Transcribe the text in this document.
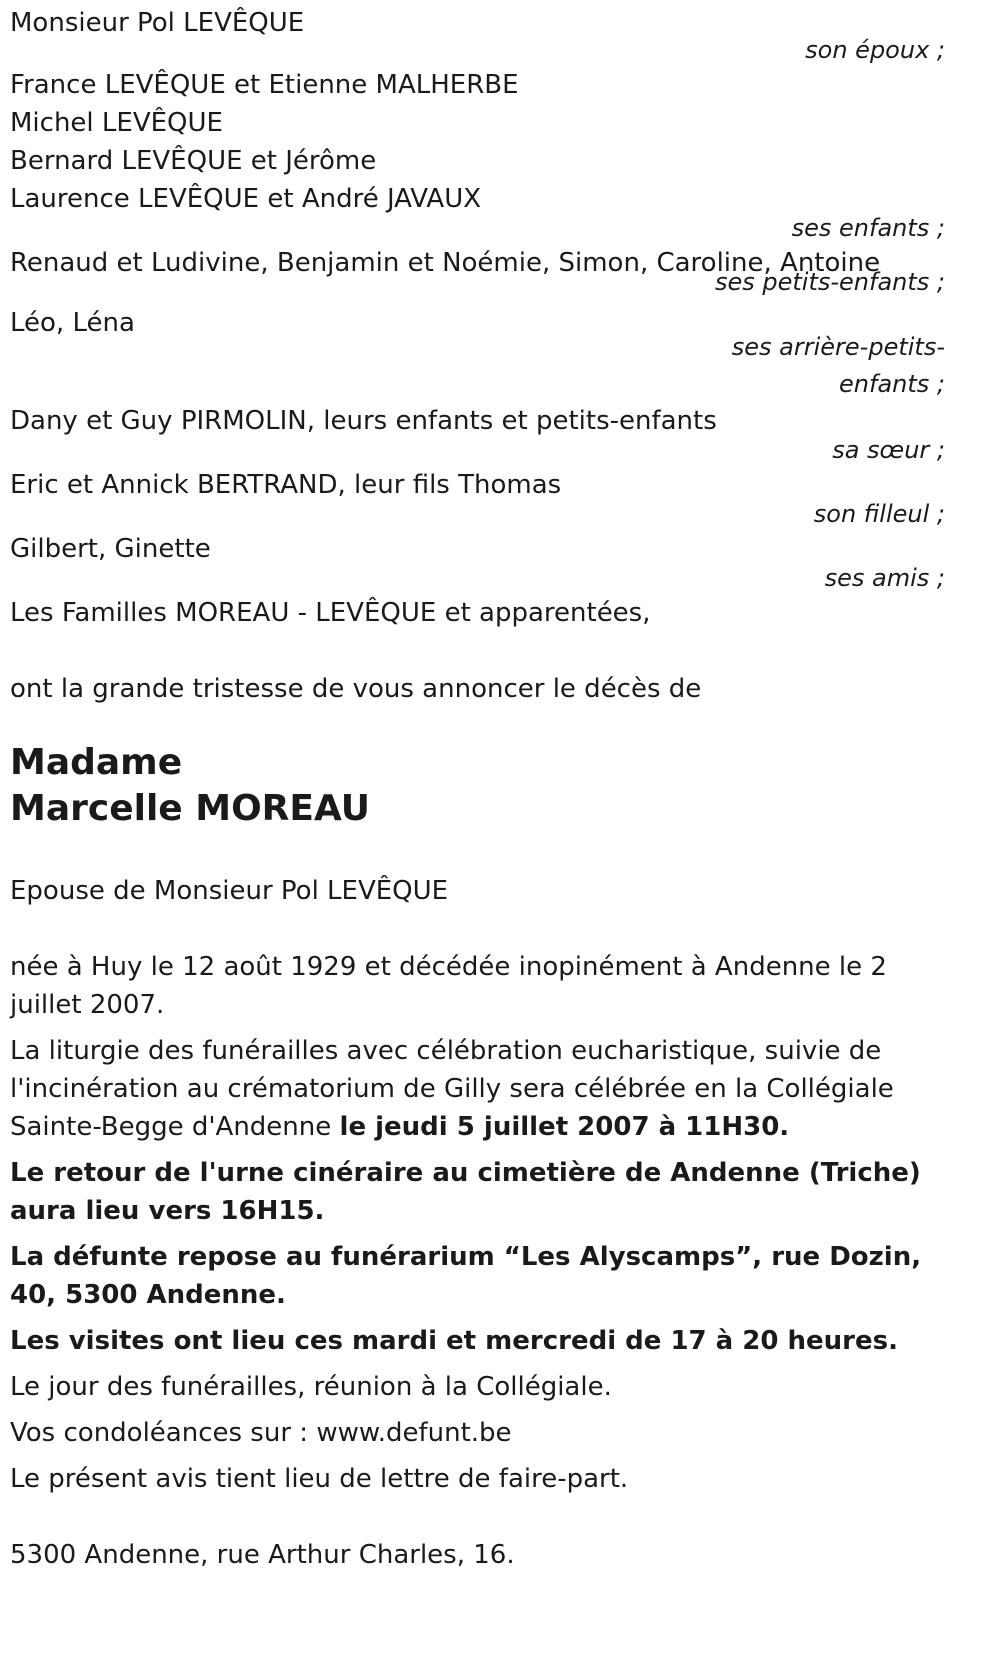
Monsieur Pol LEVÊQUE

son époux ;

France LEVÊQUE et Etienne MALHERBE

Michel LEVÊQUE

Bernard LEVÊQUE et Jérôme

Laurence LEVÊQUE et André JAVAUX

ses enfants ;

Renaud et Ludivine, Benjamin et Noémie, Simon, Caroline, Antoine

ses petits-enfants ;

Léo, Léna

ses arrière-petits-

enfants ;

Dany et Guy PIRMOLIN, leurs enfants et petits-enfants

sa sœur ;

Eric et Annick BERTRAND, leur fils Thomas

son filleul ;

Gilbert, Ginette

ses amis ;

Les Familles MOREAU - LEVÊQUE et apparentées,

ont la grande tristesse de vous annoncer le décès de

Madame

Marcelle MOREAU

Epouse de Monsieur Pol LEVÊQUE

née à Huy le 12 août 1929 et décédée inopinément à Andenne le 2 juillet 2007.

La liturgie des funérailles avec célébration eucharistique, suivie de l'incinération au crématorium de Gilly sera célébrée en la Collégiale Sainte-Begge d'Andenne le jeudi 5 juillet 2007 à 11H30.

Le retour de l'urne cinéraire au cimetière de Andenne (Triche) aura lieu vers 16H15.

La défunte repose au funérarium “Les Alyscamps”, rue Dozin, 40, 5300 Andenne.

Les visites ont lieu ces mardi et mercredi de 17 à 20 heures.

Le jour des funérailles, réunion à la Collégiale.

Vos condoléances sur : www.defunt.be

Le présent avis tient lieu de lettre de faire-part.

5300 Andenne, rue Arthur Charles, 16.
